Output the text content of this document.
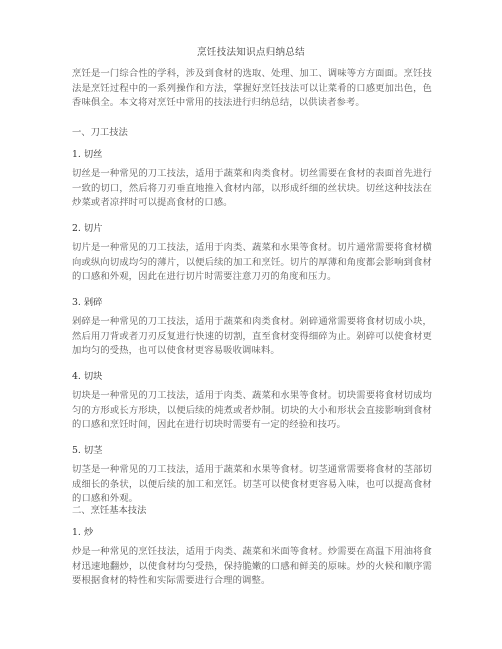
烹饪技法知识点归纳总结
烹饪是一门综合性的学科，涉及到食材的选取、处理、加工、调味等方方面面。烹饪技法是烹饪过程中的一系列操作和方法，掌握好烹饪技法可以让菜肴的口感更加出色，色香味俱全。本文将对烹饪中常用的技法进行归纳总结，以供读者参考。
一、刀工技法
1. 切丝
切丝是一种常见的刀工技法，适用于蔬菜和肉类食材。切丝需要在食材的表面首先进行一致的切口，然后将刀刃垂直地推入食材内部，以形成纤细的丝状块。切丝这种技法在炒菜或者凉拌时可以提高食材的口感。
2. 切片
切片是一种常见的刀工技法，适用于肉类、蔬菜和水果等食材。切片通常需要将食材横向或纵向切成均匀的薄片，以便后续的加工和烹饪。切片的厚薄和角度都会影响到食材的口感和外观，因此在进行切片时需要注意刀刃的角度和压力。
3. 剁碎
剁碎是一种常见的刀工技法，适用于蔬菜和肉类食材。剁碎通常需要将食材切成小块，然后用刀背或者刀刃反复进行快速的切割，直至食材变得细碎为止。剁碎可以使食材更加均匀的受热，也可以使食材更容易吸收调味料。
4. 切块
切块是一种常见的刀工技法，适用于肉类、蔬菜和水果等食材。切块需要将食材切成均匀的方形或长方形块，以便后续的炖煮或者炒制。切块的大小和形状会直接影响到食材的口感和烹饪时间，因此在进行切块时需要有一定的经验和技巧。
5. 切茎
切茎是一种常见的刀工技法，适用于蔬菜和水果等食材。切茎通常需要将食材的茎部切成细长的条状，以便后续的加工和烹饪。切茎可以使食材更容易入味，也可以提高食材的口感和外观。
二、烹饪基本技法
1. 炒
炒是一种常见的烹饪技法，适用于肉类、蔬菜和米面等食材。炒需要在高温下用油将食材迅速地翻炒，以使食材均匀受热，保持脆嫩的口感和鲜美的原味。炒的火候和顺序需要根据食材的特性和实际需要进行合理的调整。
